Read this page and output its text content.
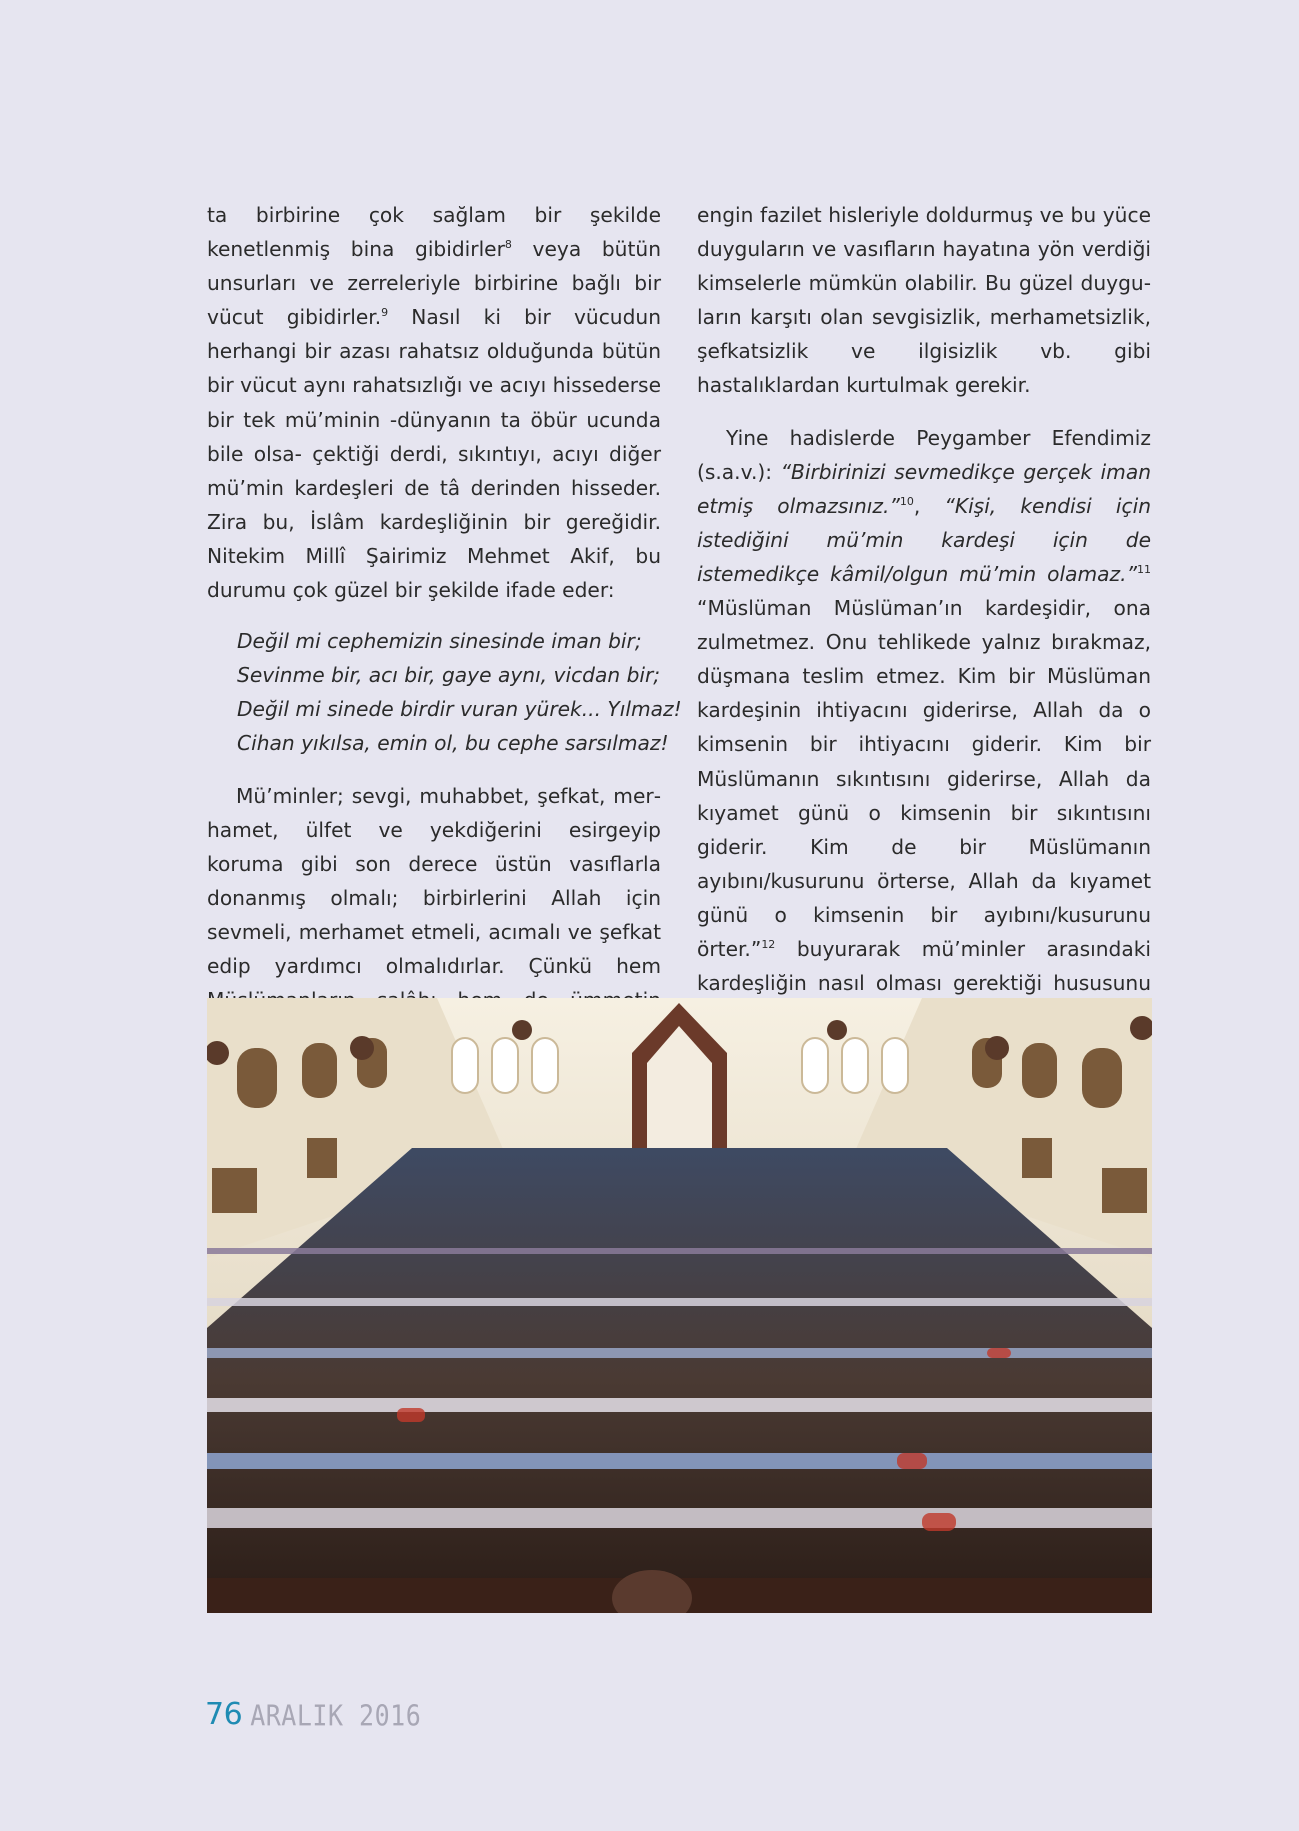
ta birbirine çok sağlam bir şekilde kenetlenmiş bina gibidirler$^8$ veya bütün unsurları ve zerreleriyle birbirine bağlı bir vücut gibidirler.$^9$ Nasıl ki bir vücudun herhangi bir azası rahatsız olduğunda bütün bir vücut aynı rahatsızlığı ve acıyı hissederse bir tek mü’minin -dünyanın ta öbür ucunda bile olsa- çektiği derdi, sıkıntıyı, acıyı diğer mü’min kardeşleri de tâ derinden hisseder. Zira bu, İslâm kardeşliğinin bir gereğidir. Nitekim Millî Şairimiz Mehmet Akif, bu durumu çok güzel bir şekilde ifade eder:

Değil mi cephemizin sinesinde iman bir;
Sevinme bir, acı bir, gaye aynı, vicdan bir;
Değil mi sinede birdir vuran yürek... Yılmaz!
Cihan yıkılsa, emin ol, bu cephe sarsılmaz!

Mü’minler; sevgi, muhabbet, şefkat, merhamet, ülfet ve yekdiğerini esirgeyip koruma gibi son derece üstün vasıflarla donanmış olmalı; birbirlerini Allah için sevmeli, merhamet etmeli, acımalı ve şefkat edip yardımcı olmalıdırlar. Çünkü hem

engin fazilet hisleriyle doldurmuş ve bu yüce duyguların ve vasıfların hayatına yön verdiği kimselerle mümkün olabilir. Bu güzel duyguların karşıtı olan sevgisizlik, merhametsizlik, şefkatsizlik ve ilgisizlik vb. gibi hastalıklardan kurtulmak gerekir.

Yine hadislerde Peygamber Efendimiz (s.a.v.): “Birbirinizi sevmedikçe gerçek iman etmiş olmazsınız.”$^{10}$, “Kişi, kendisi için istediğini mü’min kardeşi için de istemedikçe kâmil/olgun mü’min olamaz.”$^{11}$ “Müslüman Müslüman’ın kardeşidir, ona zulmetmez. Onu tehlikede yalnız bırakmaz, düşmana teslim etmez. Kim bir Müslüman kardeşinin ihtiyacını giderirse, Allah da o kimsenin bir ihtiyacını giderir. Kim bir Müslümanın sıkıntısını giderirse, Allah da kıyamet günü o kimsenin bir sıkıntısını giderir. Kim de bir Müslümanın ayıbını/kusurunu örterse, Allah da kıyamet günü o kimsenin bir ayıbını/kusurunu örter.”$^{12}$ buyurarak mü’minler arasındaki kardeşliğin nasıl olması gerektiği hususunu

76 ARALIK 2016
